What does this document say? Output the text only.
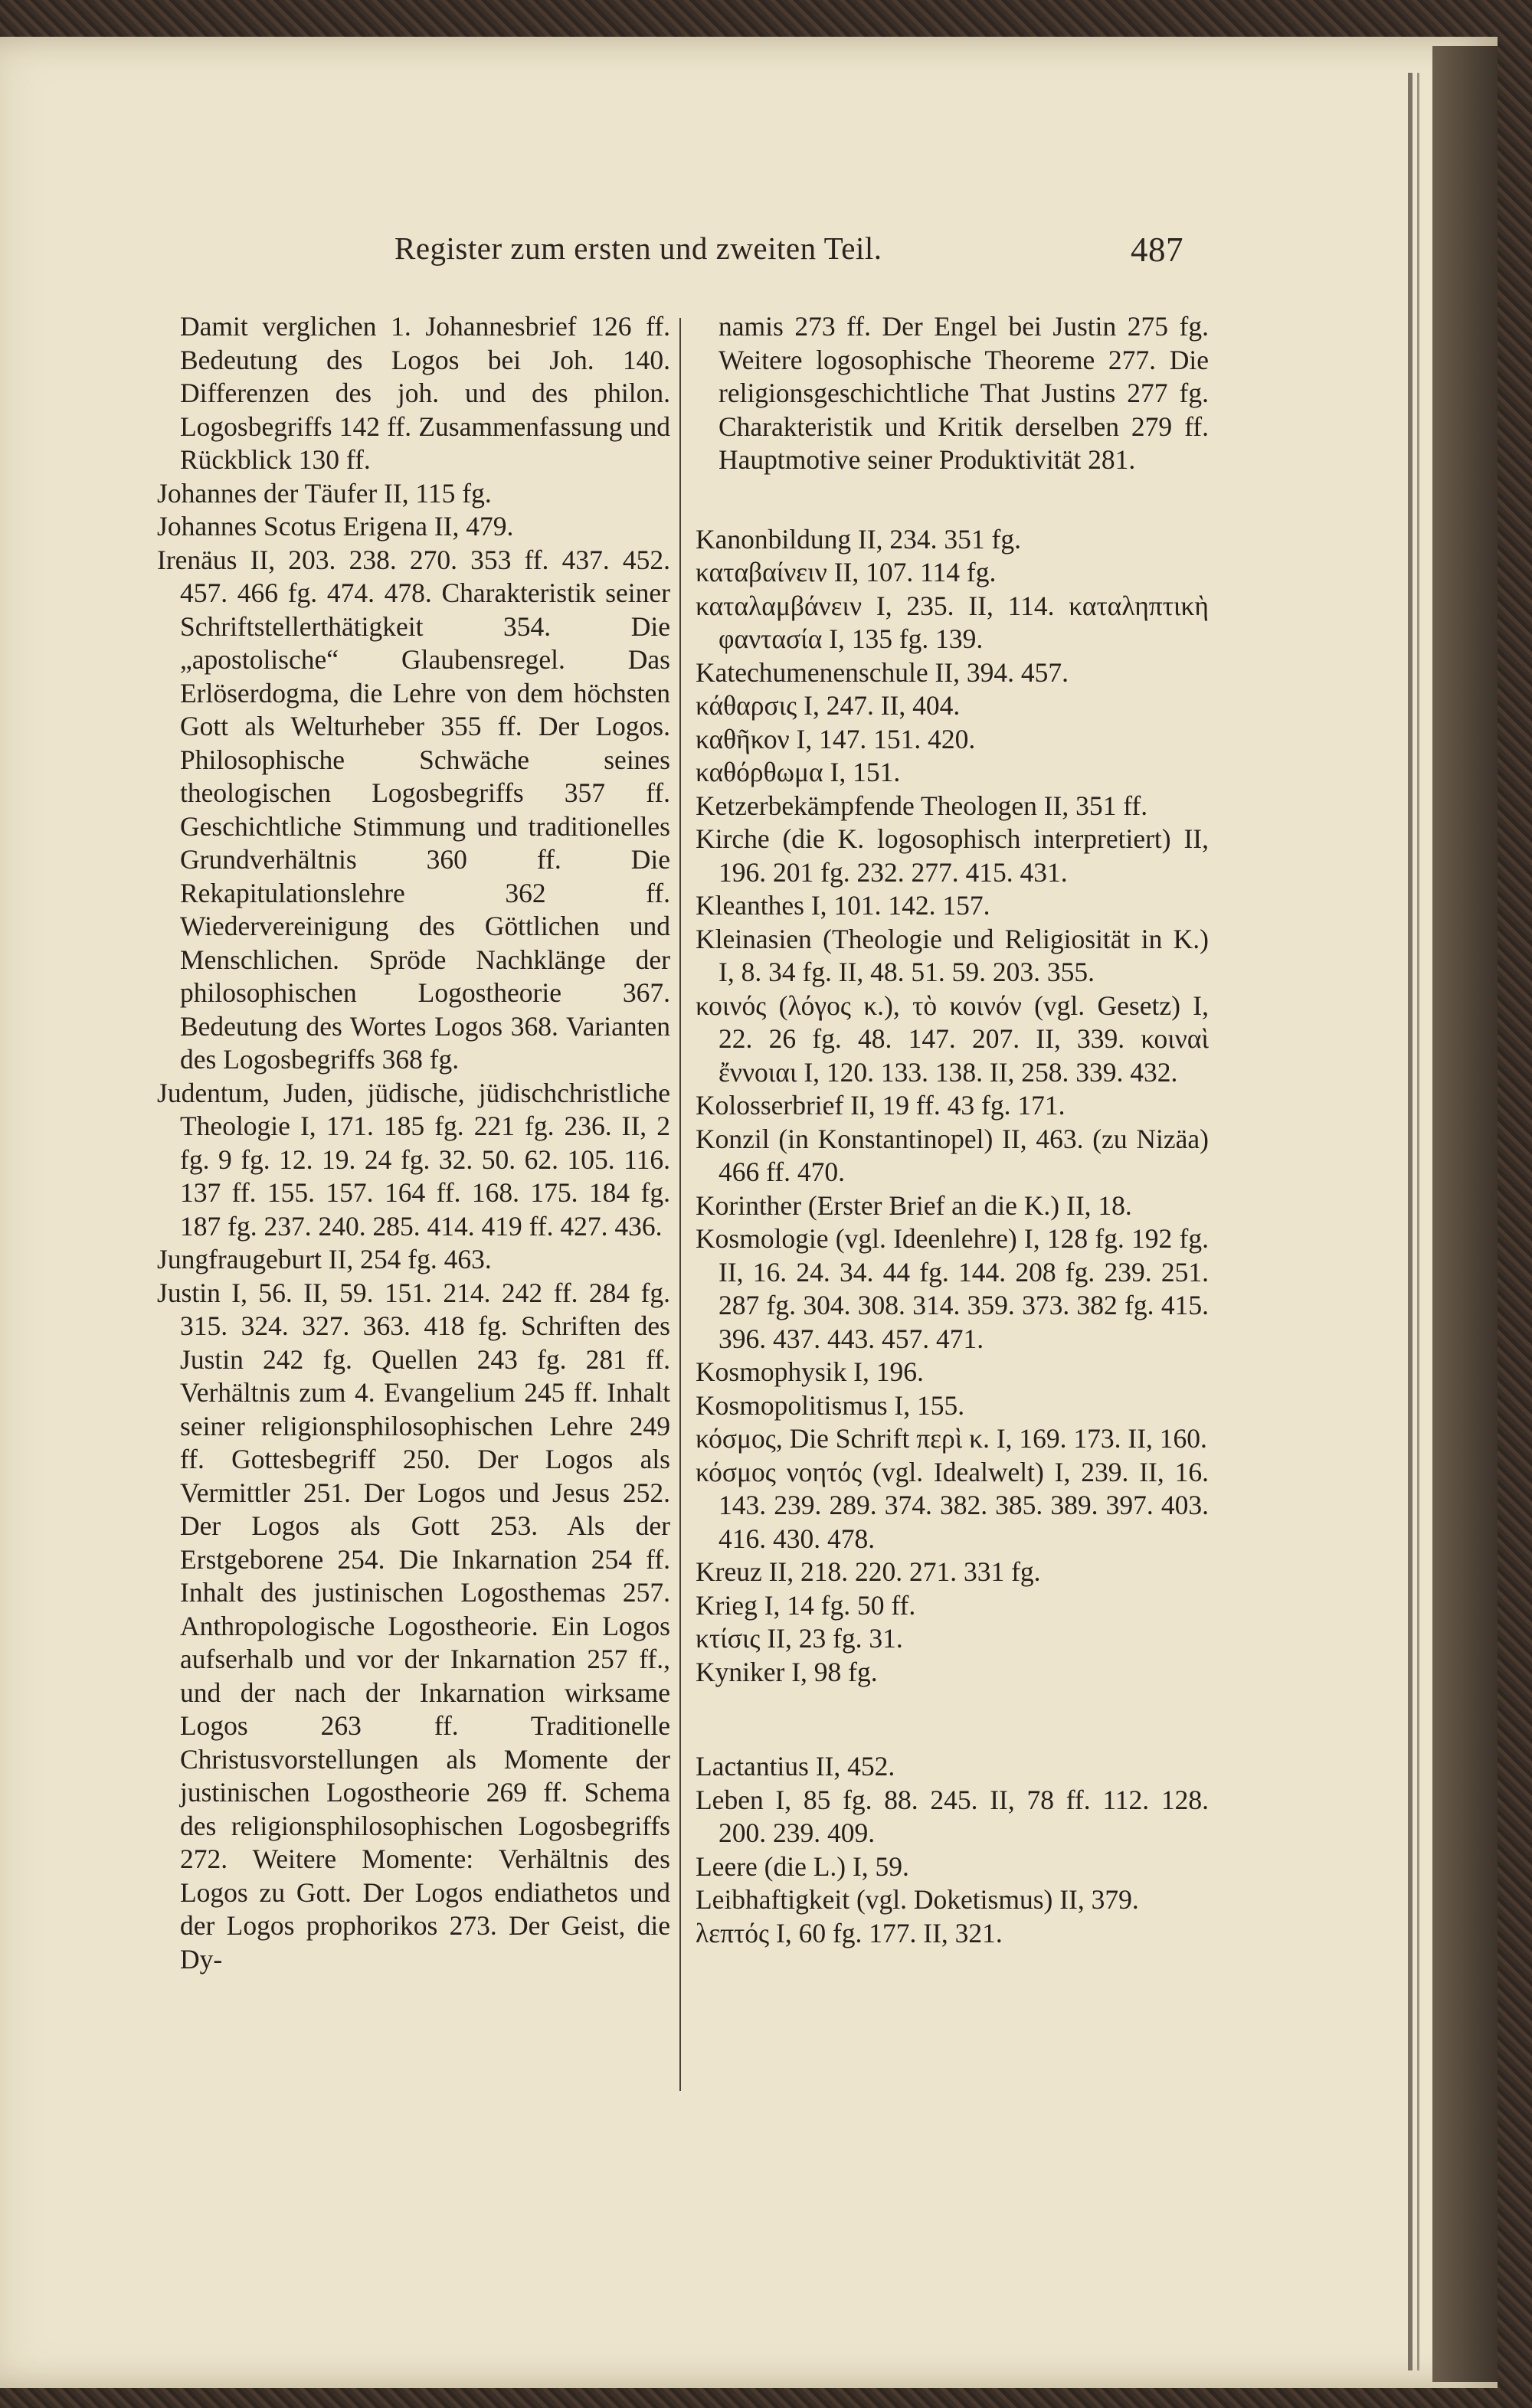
Register zum ersten und zweiten Teil.	487

Damit verglichen 1. Johannesbrief 126 ff. Bedeutung des Logos bei Joh. 140. Differenzen des joh. und des philon. Logosbegriffs 142 ff. Zusammenfassung und Rückblick 130 ff.

Johannes der Täufer II, 115 fg.

Johannes Scotus Erigena II, 479.

Irenäus II, 203. 238. 270. 353 ff. 437. 452. 457. 466 fg. 474. 478. Charakteristik seiner Schriftstellerthätigkeit 354. Die „apostolische“ Glaubensregel. Das Erlöserdogma, die Lehre von dem höchsten Gott als Welturheber 355 ff. Der Logos. Philosophische Schwäche seines theologischen Logosbegriffs 357 ff. Geschichtliche Stimmung und traditionelles Grundverhältnis 360 ff. Die Rekapitulationslehre 362 ff. Wiedervereinigung des Göttlichen und Menschlichen. Spröde Nachklänge der philosophischen Logostheorie 367. Bedeutung des Wortes Logos 368. Varianten des Logosbegriffs 368 fg.

Judentum, Juden, jüdische, jüdischchristliche Theologie I, 171. 185 fg. 221 fg. 236. II, 2 fg. 9 fg. 12. 19. 24 fg. 32. 50. 62. 105. 116. 137 ff. 155. 157. 164 ff. 168. 175. 184 fg. 187 fg. 237. 240. 285. 414. 419 ff. 427. 436.

Jungfraugeburt II, 254 fg. 463.

Justin I, 56. II, 59. 151. 214. 242 ff. 284 fg. 315. 324. 327. 363. 418 fg. Schriften des Justin 242 fg. Quellen 243 fg. 281 ff. Verhältnis zum 4. Evangelium 245 ff. Inhalt seiner religionsphilosophischen Lehre 249 ff. Gottesbegriff 250. Der Logos als Vermittler 251. Der Logos und Jesus 252. Der Logos als Gott 253. Als der Erstgeborene 254. Die Inkarnation 254 ff. Inhalt des justinischen Logosthemas 257. Anthropologische Logostheorie. Ein Logos aufserhalb und vor der Inkarnation 257 ff., und der nach der Inkarnation wirksame Logos 263 ff. Traditionelle Christusvorstellungen als Momente der justinischen Logostheorie 269 ff. Schema des religionsphilosophischen Logosbegriffs 272. Weitere Momente: Verhältnis des Logos zu Gott. Der Logos endiathetos und der Logos prophorikos 273. Der Geist, die Dy-

namis 273 ff. Der Engel bei Justin 275 fg. Weitere logosophische Theoreme 277. Die religionsgeschichtliche That Justins 277 fg. Charakteristik und Kritik derselben 279 ff. Hauptmotive seiner Produktivität 281.

Kanonbildung II, 234. 351 fg.

καταβαίνειν II, 107. 114 fg.

καταλαμβάνειν I, 235. II, 114. καταληπτικὴ φαντασία I, 135 fg. 139.

Katechumenenschule II, 394. 457.

κάθαρσις I, 247. II, 404.

καθῆκον I, 147. 151. 420.

καθόρθωμα I, 151.

Ketzerbekämpfende Theologen II, 351 ff.

Kirche (die K. logosophisch interpretiert) II, 196. 201 fg. 232. 277. 415. 431.

Kleanthes I, 101. 142. 157.

Kleinasien (Theologie und Religiosität in K.) I, 8. 34 fg. II, 48. 51. 59. 203. 355.

κοινός (λόγος κ.), τὸ κοινόν (vgl. Gesetz) I, 22. 26 fg. 48. 147. 207. II, 339. κοιναὶ ἔννοιαι I, 120. 133. 138. II, 258. 339. 432.

Kolosserbrief II, 19 ff. 43 fg. 171.

Konzil (in Konstantinopel) II, 463. (zu Nizäa) 466 ff. 470.

Korinther (Erster Brief an die K.) II, 18.

Kosmologie (vgl. Ideenlehre) I, 128 fg. 192 fg. II, 16. 24. 34. 44 fg. 144. 208 fg. 239. 251. 287 fg. 304. 308. 314. 359. 373. 382 fg. 415. 396. 437. 443. 457. 471.

Kosmophysik I, 196.

Kosmopolitismus I, 155.

κόσμος, Die Schrift περὶ κ. I, 169. 173. II, 160.

κόσμος νοητός (vgl. Idealwelt) I, 239. II, 16. 143. 239. 289. 374. 382. 385. 389. 397. 403. 416. 430. 478.

Kreuz II, 218. 220. 271. 331 fg.

Krieg I, 14 fg. 50 ff.

κτίσις II, 23 fg. 31.

Kyniker I, 98 fg.

Lactantius II, 452.

Leben I, 85 fg. 88. 245. II, 78 ff. 112. 128. 200. 239. 409.

Leere (die L.) I, 59.

Leibhaftigkeit (vgl. Doketismus) II, 379.

λεπτός I, 60 fg. 177. II, 321.
